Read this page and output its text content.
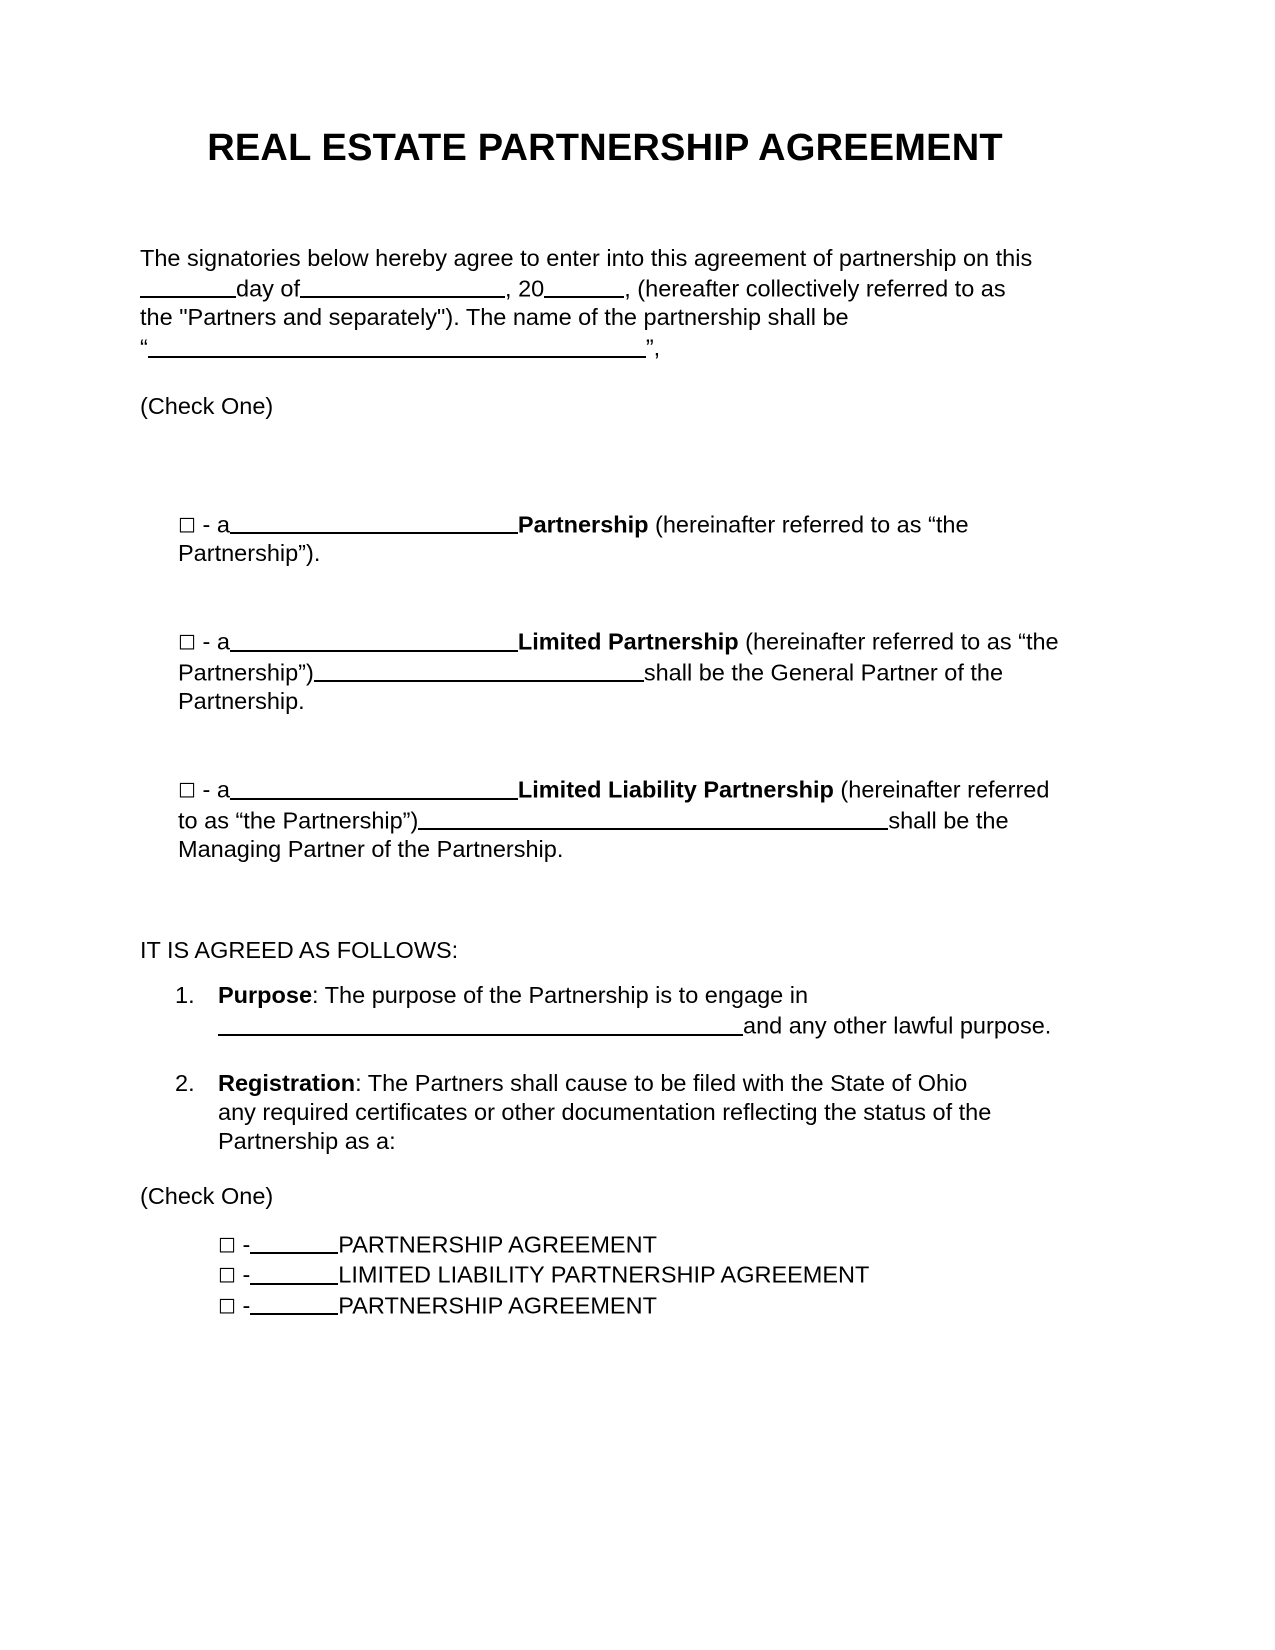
REAL ESTATE PARTNERSHIP AGREEMENT
The signatories below hereby agree to enter into this agreement of partnership on this
day of	, 20	, (hereafter collectively referred to as
the "Partners and separately"). The name of the partnership shall be
“	”,
(Check One)
☐ - a	Partnership (hereinafter referred to as “the
Partnership”).
☐ - a	Limited Partnership (hereinafter referred to as “the
Partnership”)	shall be the General Partner of the
Partnership.
☐ - a	Limited Liability Partnership (hereinafter referred
to as “the Partnership”)	shall be the
Managing Partner of the Partnership.
IT IS AGREED AS FOLLOWS:
1. Purpose: The purpose of the Partnership is to engage in
and any other lawful purpose.
2. Registration: The Partners shall cause to be filed with the State of Ohio
any required certificates or other documentation reflecting the status of the
Partnership as a:
(Check One)
☐ -	PARTNERSHIP AGREEMENT
☐ -	LIMITED LIABILITY PARTNERSHIP AGREEMENT
☐ -	PARTNERSHIP AGREEMENT
